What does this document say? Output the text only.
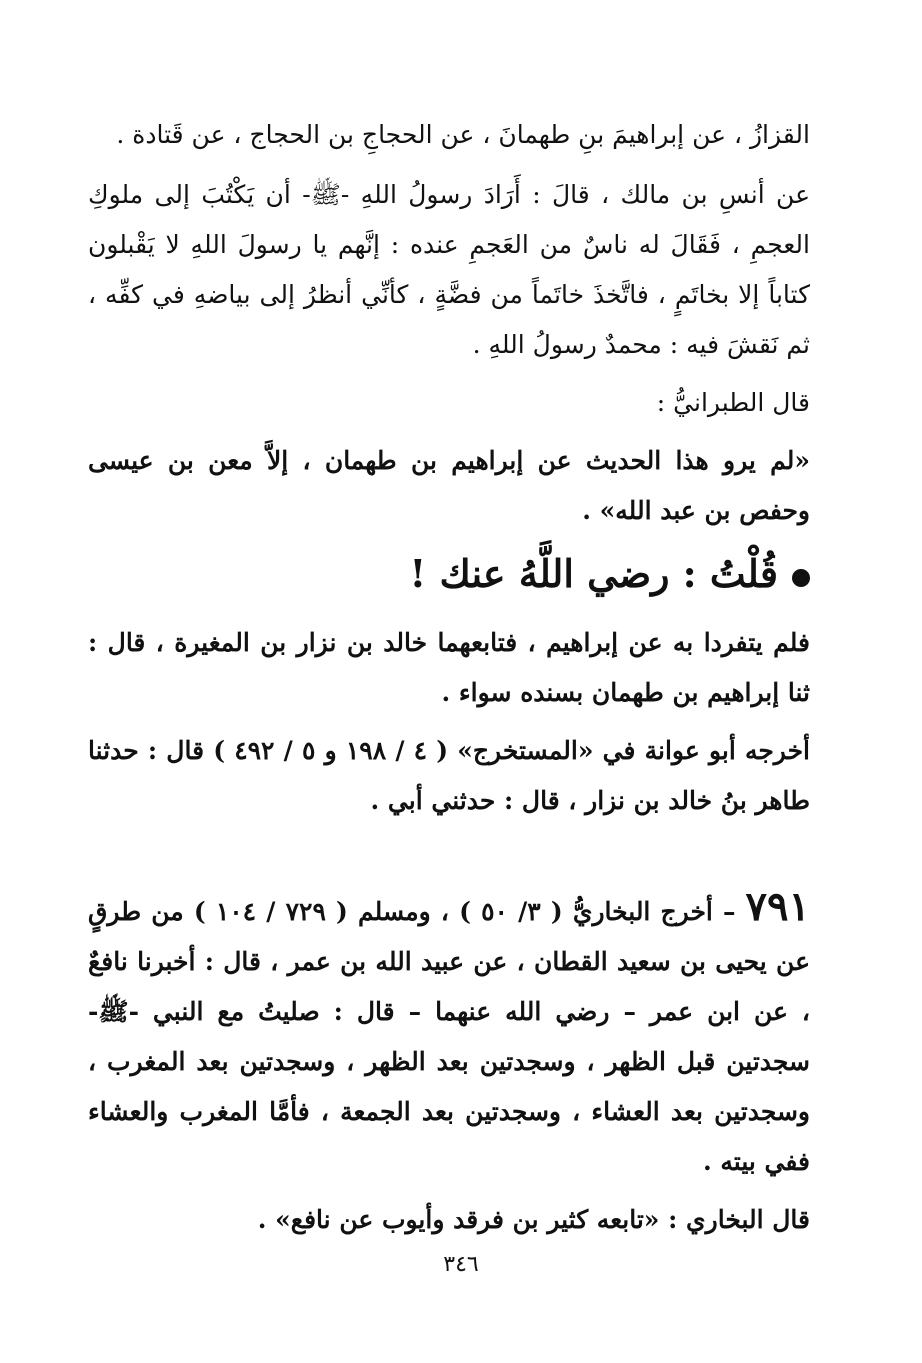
القزازُ ، عن إبراهيمَ بنِ طهمانَ ، عن الحجاجِ بن الحجاج ، عن قَتادة .

عن أنسِ بن مالك ، قالَ : أَرَادَ رسولُ اللهِ -ﷺ- أن يَكْتُبَ إلى ملوكِ العجمِ ، فَقَالَ له ناسٌ من العَجمِ عنده : إنَّهم يا رسولَ اللهِ لا يَقْبلون كتاباً إلا بخاتَمٍ ، فاتَّخذَ خاتَماً من فضَّةٍ ، كأنِّي أنظرُ إلى بياضهِ في كفِّه ، ثم نَقشَ فيه : محمدٌ رسولُ اللهِ .

قال الطبرانيُّ :

«لم يرو هذا الحديث عن إبراهيم بن طهمان ، إلاَّ معن بن عيسى وحفص بن عبد الله» .

قُلْتُ : رضي اللَّهُ عنك !

فلم يتفردا به عن إبراهيم ، فتابعهما خالد بن نزار بن المغيرة ، قال : ثنا إبراهيم بن طهمان بسنده سواء .

أخرجه أبو عوانة في «المستخرج» ( ٤ / ١٩٨ و ٥ / ٤٩٢ ) قال : حدثنا طاهر بنُ خالد بن نزار ، قال : حدثني أبي .

٧٩١– أخرج البخاريُّ ( ٣/ ٥٠ ) ، ومسلم ( ٧٢٩ / ١٠٤ ) من طرقٍ عن يحيى بن سعيد القطان ، عن عبيد الله بن عمر ، قال : أخبرنا نافعٌ ، عن ابن عمر – رضي الله عنهما – قال : صليتُ مع النبي -ﷺ- سجدتين قبل الظهر ، وسجدتين بعد الظهر ، وسجدتين بعد المغرب ، وسجدتين بعد العشاء ، وسجدتين بعد الجمعة ، فأمَّا المغرب والعشاء ففي بيته .

قال البخاري : «تابعه كثير بن فرقد وأيوب عن نافع» .

٣٤٦
